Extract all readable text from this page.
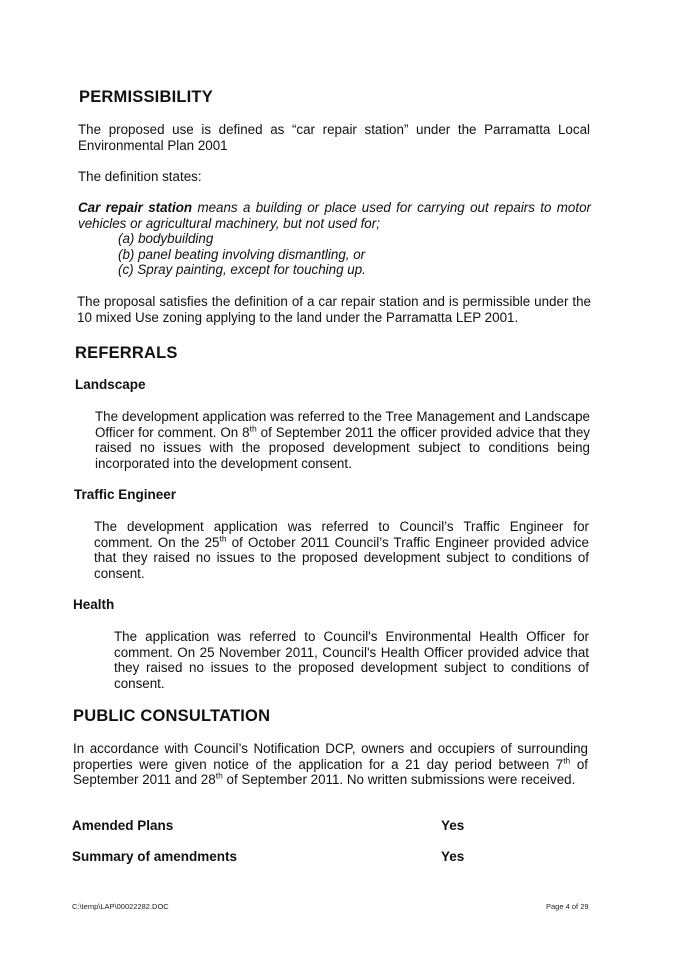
PERMISSIBILITY

The proposed use is defined as “car repair station” under the Parramatta Local Environmental Plan 2001

The definition states:

Car repair station means a building or place used for carrying out repairs to motor vehicles or agricultural machinery, but not used for;

(a) bodybuilding
(b) panel beating involving dismantling, or
(c) Spray painting, except for touching up.

The proposal satisfies the definition of a car repair station and is permissible under the 10 mixed Use zoning applying to the land under the Parramatta LEP 2001.

REFERRALS
Landscape

The development application was referred to the Tree Management and Landscape Officer for comment. On 8th of September 2011 the officer provided advice that they raised no issues with the proposed development subject to conditions being incorporated into the development consent.

Traffic Engineer

The development application was referred to Council’s Traffic Engineer for comment. On the 25th of October 2011 Council’s Traffic Engineer provided advice that they raised no issues to the proposed development subject to conditions of consent.

Health

The application was referred to Council's Environmental Health Officer for comment. On 25 November 2011, Council's Health Officer provided advice that they raised no issues to the proposed development subject to conditions of consent.

PUBLIC CONSULTATION

In accordance with Council’s Notification DCP, owners and occupiers of surrounding properties were given notice of the application for a 21 day period between 7th of September 2011 and 28th of September 2011. No written submissions were received.

Amended Plans	Yes
Summary of amendments	Yes
C:\temp\LAP\00022282.DOC	Page 4 of 29
